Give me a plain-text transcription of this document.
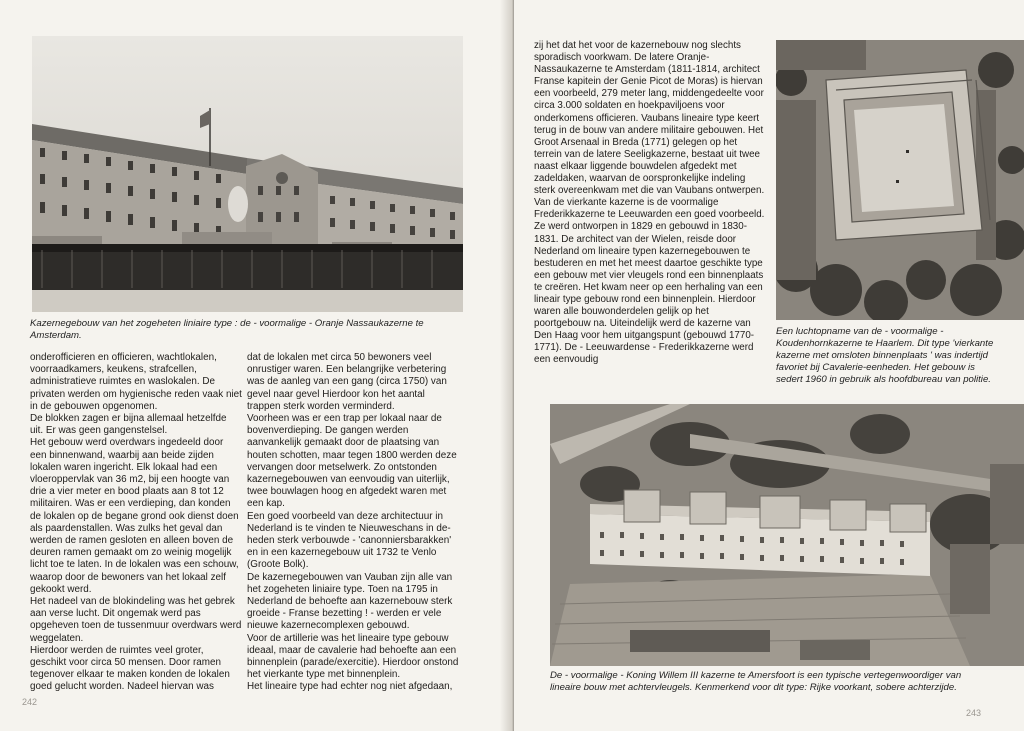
Kazernegebouw van het zogeheten liniaire type : de - voormalige - Oranje Nassaukazerne te Amsterdam.

onderofficieren en officieren, wachtlokalen, voorraadkamers, keukens, strafcellen, administratieve ruimtes en waslokalen. De privaten werden om hygienische reden vaak niet in de gebouwen opgenomen.

De blokken zagen er bijna allemaal hetzelfde uit. Er was geen gangenstelsel.

Het gebouw werd overdwars ingedeeld door een binnenwand, waarbij aan beide zijden lokalen waren ingericht. Elk lokaal had een vloeroppervlak van 36 m2, bij een hoogte van drie a vier meter en bood plaats aan 8 tot 12 militairen. Was er een verdieping, dan konden de lokalen op de begane grond ook dienst doen als paardenstallen. Was zulks het geval dan werden de ramen gesloten en alleen boven de deuren ramen gemaakt om zo weinig mogelijk licht toe te laten. In de lokalen was een schouw, waarop door de bewoners van het lokaal zelf gekookt werd.

Het nadeel van de blokindeling was het gebrek aan verse lucht. Dit ongemak werd pas opgeheven toen de tussenmuur overdwars werd weggelaten.

Hierdoor werden de ruimtes veel groter, geschikt voor circa 50 mensen. Door ramen tegenover elkaar te maken konden de lokalen goed gelucht worden. Nadeel hiervan was

dat de lokalen met circa 50 bewoners veel onrustiger waren. Een belangrijke verbetering was de aanleg van een gang (circa 1750) van gevel naar gevel Hierdoor kon het aantal trappen sterk worden verminderd.

Voorheen was er een trap per lokaal naar de bovenverdieping. De gangen werden aanvankelijk gemaakt door de plaatsing van houten schotten, maar tegen 1800 werden deze vervangen door metselwerk. Zo ontstonden kazernegebouwen van eenvoudig van uiterlijk, twee bouwlagen hoog en afgedekt waren met een kap.

Een goed voorbeeld van deze architectuur in Nederland is te vinden te Nieuweschans in de-heden sterk verbouwde - 'canonniersbarakken' en in een kazernegebouw uit 1732 te Venlo (Groote Bolk).

De kazernegebouwen van Vauban zijn alle van het zogeheten liniaire type. Toen na 1795 in Nederland de behoefte aan kazernebouw sterk groeide - Franse bezetting ! - werden er vele nieuwe kazernecomplexen gebouwd.

Voor de artillerie was het lineaire type gebouw ideaal, maar de cavalerie had behoefte aan een binnenplein (parade/exercitie). Hierdoor onstond het vierkante type met binnenplein.

Het lineaire type had echter nog niet afgedaan,

242
zij het dat het voor de kazernebouw nog slechts sporadisch voorkwam. De latere Oranje-Nassaukazerne te Amsterdam (1811-1814, architect Franse kapitein der Genie Picot de Moras) is hiervan een voorbeeld, 279 meter lang, middengedeelte voor circa 3.000 soldaten en hoekpaviljoens voor onderkomens officieren. Vaubans lineaire type keert terug in de bouw van andere militaire gebouwen. Het Groot Arsenaal in Breda (1771) gelegen op het terrein van de latere Seeligkazerne, bestaat uit twee naast elkaar liggende bouwdelen afgedekt met zadeldaken, waarvan de oorspronkelijke indeling sterk overeenkwam met die van Vaubans ontwerpen. Van de vierkante kazerne is de voormalige Frederikkazerne te Leeuwarden een goed voorbeeld. Ze werd ontworpen in 1829 en gebouwd in 1830-1831. De architect van der Wielen, reisde door Nederland om lineaire typen kazernegebouwen te bestuderen en met het meest daartoe geschikte type een gebouw met vier vleugels rond een binnenplaats te creëren. Het kwam neer op een herhaling van een lineair type gebouw rond een binnenplein. Hierdoor waren alle bouwonderdelen gelijk op het poortgebouw na. Uiteindelijk werd de kazerne van Den Haag voor hem uitgangspunt (gebouwd 1770-1771). De - Leeuwardense - Frederikkazerne werd een eenvoudig
Een luchtopname van de - voormalige - Koudenhornkazerne te Haarlem. Dit type 'vierkante kazerne met omsloten binnenplaats ' was indertijd favoriet bij Cavalerie-eenheden. Het gebouw is sedert 1960 in gebruik als hoofdbureau van politie.
De - voormalige - Koning Willem III kazerne te Amersfoort is een typische vertegenwoordiger van lineaire bouw met achtervleugels. Kenmerkend voor dit type: Rijke voorkant, sobere achterzijde.
243
